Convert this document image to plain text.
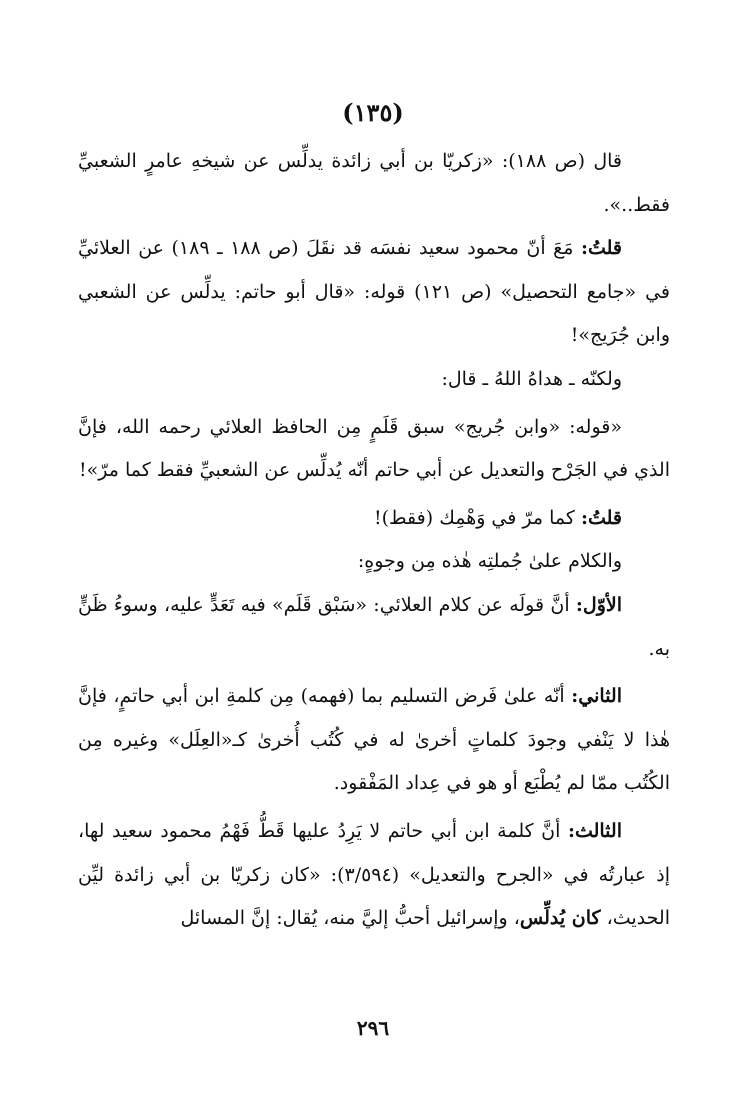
(١٣٥)

قال (ص ١٨٨): «زكريّا بن أبي زائدة يدلِّس عن شيخهِ عامرٍ الشعبيِّ فقط..».

قلتُ: مَعَ أنّ محمود سعيد نفسَه قد نقَلَ (ص ١٨٨ ـ ١٨٩) عن العلائيِّ في «جامع التحصيل» (ص ١٢١) قوله: «قال أبو حاتم: يدلِّس عن الشعبي وابن جُرَيج»!

ولكنّه ـ هداهُ اللهُ ـ قال:

«قوله: «وابن جُريج» سبق قَلَمٍ مِن الحافظ العلائي رحمه الله، فإنَّ الذي في الجَرْح والتعديل عن أبي حاتم أنّه يُدلِّس عن الشعبيِّ فقط كما مرّ»!

قلتُ: كما مرّ في وَهْمِك (فقط)!

والكلام علىٰ جُملتِه هٰذه مِن وجوهٍ:

الأوّل: أنَّ قولَه عن كلام العلائي: «سَبْق قَلَم» فيه تَعَدٍّ عليه، وسوءُ ظَنٍّ به.

الثاني: أنّه علىٰ فَرض التسليم بما (فهمه) مِن كلمةِ ابن أبي حاتمٍ، فإنَّ هٰذا لا يَنْفي وجودَ كلماتٍ أخرىٰ له في كُتُب أُخرىٰ كـ«العِلَل» وغيره مِن الكُتُب ممّا لم يُطْبَع أو هو في عِداد المَفْقود.

الثالث: أنَّ كلمة ابن أبي حاتم لا يَرِدُ عليها قَطُّ فَهْمُ محمود سعيد لها، إذ عبارتُه في «الجرح والتعديل» (٣/٥٩٤): «كان زكريّا بن أبي زائدة ليِّن الحديث، كان يُدلِّس، وإسرائيل أحبُّ إليَّ منه، يُقال: إنَّ المسائل

٢٩٦
